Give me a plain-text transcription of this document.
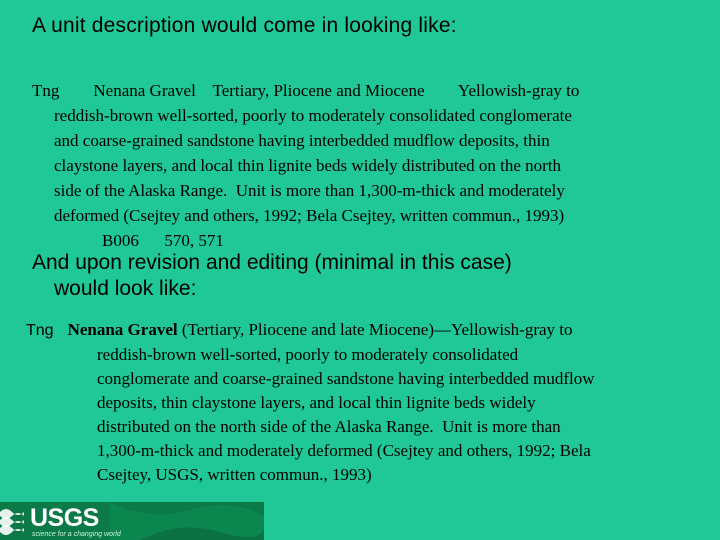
A unit description would come in looking like:
Tng        Nenana Gravel    Tertiary, Pliocene and Miocene        Yellowish-gray to
reddish-brown well-sorted, poorly to moderately consolidated conglomerate
and coarse-grained sandstone having interbedded mudflow deposits, thin
claystone layers, and local thin lignite beds widely distributed on the north
side of the Alaska Range.  Unit is more than 1,300-m-thick and moderately
deformed (Csejtey and others, 1992; Bela Csejtey, written commun., 1993)
B006      570, 571
And upon revision and editing (minimal in this case)
would look like:
Tng Nenana Gravel (Tertiary, Pliocene and late Miocene)—Yellowish-gray to
reddish-brown well-sorted, poorly to moderately consolidated
conglomerate and coarse-grained sandstone having interbedded mudflow
deposits, thin claystone layers, and local thin lignite beds widely
distributed on the north side of the Alaska Range.  Unit is more than
1,300-m-thick and moderately deformed (Csejtey and others, 1992; Bela
Csejtey, USGS, written commun., 1993)
USGS
science for a changing world
